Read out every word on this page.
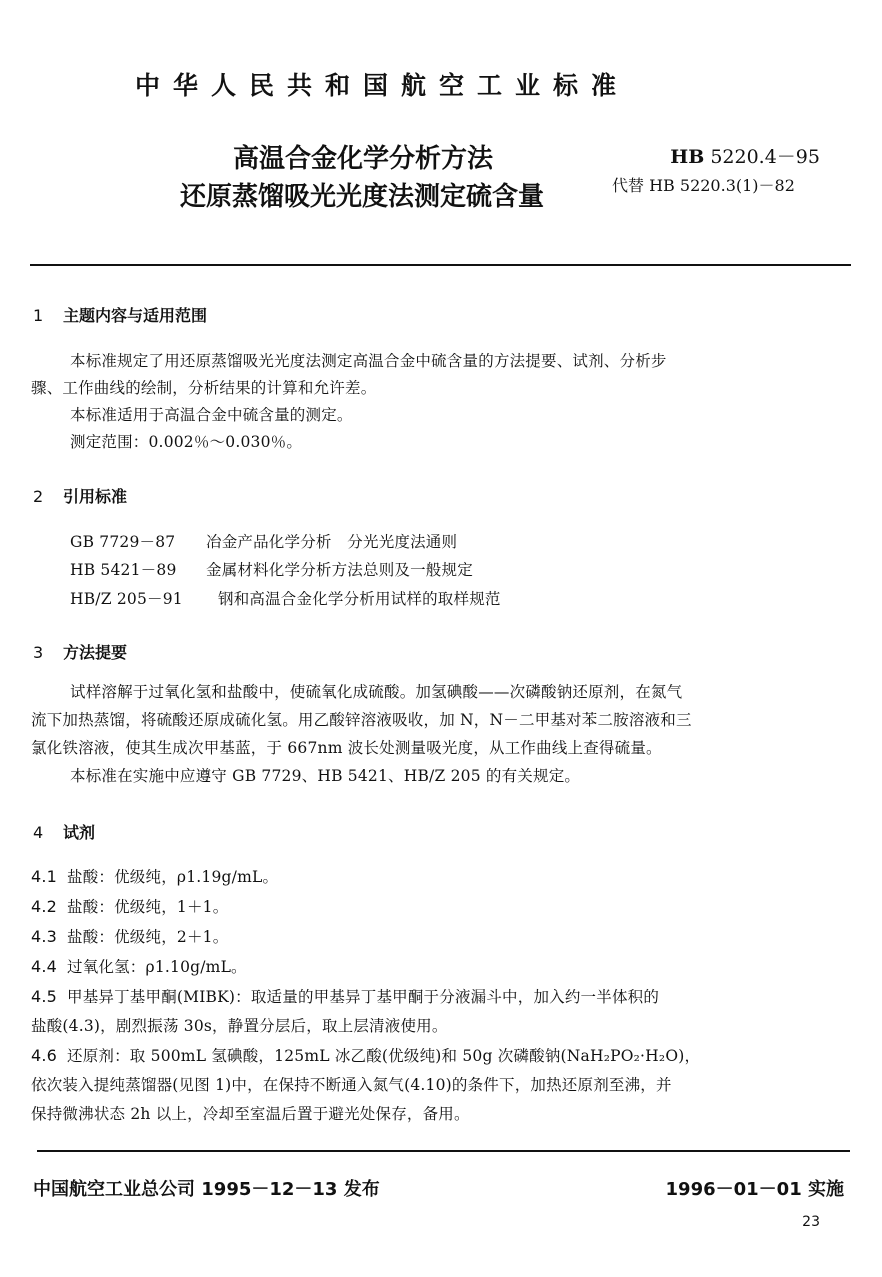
中华人民共和国航空工业标准
高温合金化学分析方法
还原蒸馏吸光光度法测定硫含量
HB 5220.4－95
代替 HB 5220.3(1)－82
1 主题内容与适用范围
本标准规定了用还原蒸馏吸光光度法测定高温合金中硫含量的方法提要、试剂、分析步
骤、工作曲线的绘制，分析结果的计算和允许差。
本标准适用于高温合金中硫含量的测定。
测定范围：0.002％～0.030％。
2 引用标准
GB 7729－87 冶金产品化学分析　分光光度法通则
HB 5421－89 金属材料化学分析方法总则及一般规定
HB/Z 205－91 钢和高温合金化学分析用试样的取样规范
3 方法提要
试样溶解于过氧化氢和盐酸中，使硫氧化成硫酸。加氢碘酸——次磷酸钠还原剂，在氮气
流下加热蒸馏，将硫酸还原成硫化氢。用乙酸锌溶液吸收，加 N，N－二甲基对苯二胺溶液和三
氯化铁溶液，使其生成次甲基蓝，于 667nm 波长处测量吸光度，从工作曲线上查得硫量。
本标准在实施中应遵守 GB 7729、HB 5421、HB/Z 205 的有关规定。
4 试剂
4.1 盐酸：优级纯，ρ1.19g/mL。
4.2 盐酸：优级纯，1＋1。
4.3 盐酸：优级纯，2＋1。
4.4 过氧化氢：ρ1.10g/mL。
4.5 甲基异丁基甲酮(MIBK)：取适量的甲基异丁基甲酮于分液漏斗中，加入约一半体积的
盐酸(4.3)，剧烈振荡 30s，静置分层后，取上层清液使用。
4.6 还原剂：取 500mL 氢碘酸，125mL 冰乙酸(优级纯)和 50g 次磷酸钠(NaH₂PO₂·H₂O)，
依次装入提纯蒸馏器(见图 1)中，在保持不断通入氮气(4.10)的条件下，加热还原剂至沸，并
保持微沸状态 2h 以上，冷却至室温后置于避光处保存，备用。
中国航空工业总公司 1995－12－13 发布	1996－01－01 实施
23
